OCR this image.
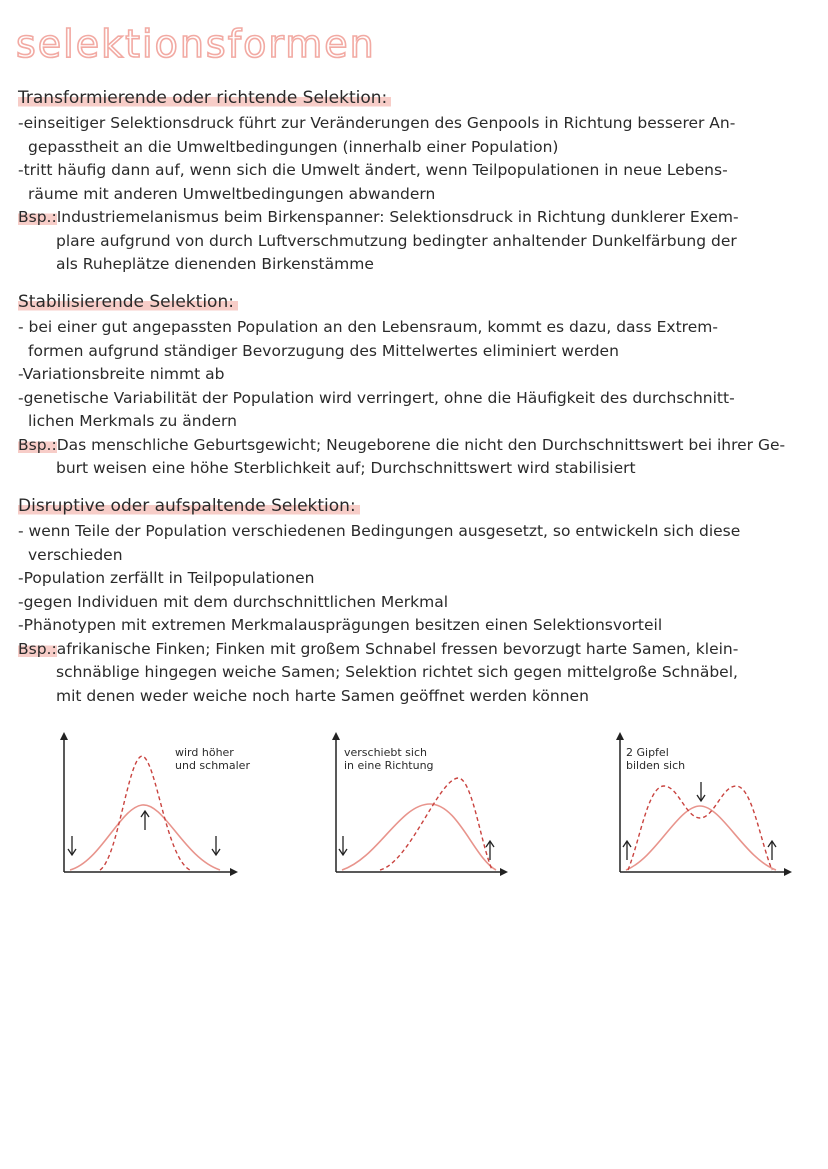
selektionsformen
Transformierende oder richtende Selektion:
-einseitiger Selektionsdruck führt zur Veränderungen des Genpools in Richtung besserer An-
gepasstheit an die Umweltbedingungen (innerhalb einer Population)
-tritt häufig dann auf, wenn sich die Umwelt ändert, wenn Teilpopulationen in neue Lebens-
räume mit anderen Umweltbedingungen abwandern
Bsp.:Industriemelanismus beim Birkenspanner: Selektionsdruck in Richtung dunklerer Exem-
plare aufgrund von durch Luftverschmutzung bedingter anhaltender Dunkelfärbung der
als Ruheplätze dienenden Birkenstämme
Stabilisierende Selektion:
- bei einer gut angepassten Population an den Lebensraum, kommt es dazu, dass Extrem-
formen aufgrund ständiger Bevorzugung des Mittelwertes eliminiert werden
-Variationsbreite nimmt ab
-genetische Variabilität der Population wird verringert, ohne die Häufigkeit des durchschnitt-
lichen Merkmals zu ändern
Bsp.:Das menschliche Geburtsgewicht; Neugeborene die nicht den Durchschnittswert bei ihrer Ge-
burt weisen eine höhe Sterblichkeit auf; Durchschnittswert wird stabilisiert
Disruptive oder aufspaltende Selektion:
- wenn Teile der Population verschiedenen Bedingungen ausgesetzt, so entwickeln sich diese
verschieden
-Population zerfällt in Teilpopulationen
-gegen Individuen mit dem durchschnittlichen Merkmal
-Phänotypen mit extremen Merkmalausprägungen besitzen einen Selektionsvorteil
Bsp.:afrikanische Finken; Finken mit großem Schnabel fressen bevorzugt harte Samen, klein-
schnäblige hingegen weiche Samen; Selektion richtet sich gegen mittelgroße Schnäbel,
mit denen weder weiche noch harte Samen geöffnet werden können
wird höher
und schmaler
verschiebt sich
in eine Richtung
2 Gipfel
bilden sich
